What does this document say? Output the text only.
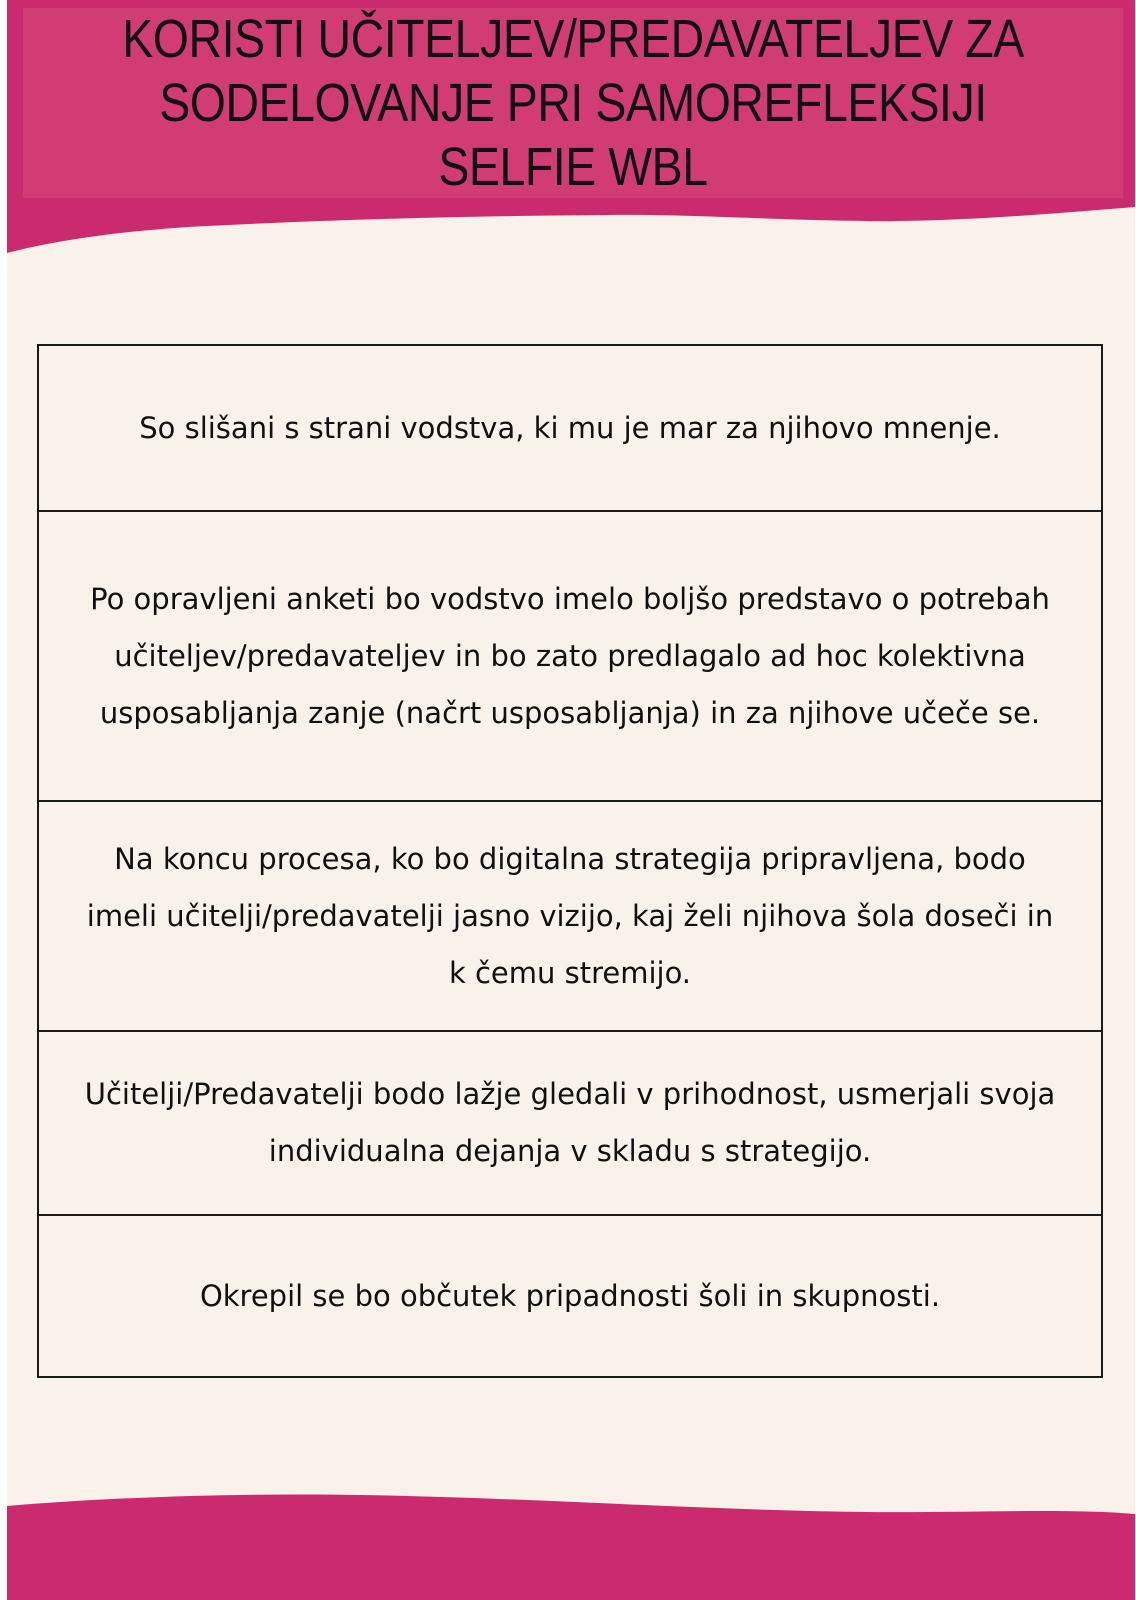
KORISTI UČITELJEV/PREDAVATELJEV ZA
SODELOVANJE PRI SAMOREFLEKSIJI SELFIE WBL
So slišani s strani vodstva, ki mu je mar za njihovo mnenje.
Po opravljeni anketi bo vodstvo imelo boljšo predstavo o potrebah učiteljev/predavateljev in bo zato predlagalo ad hoc kolektivna usposabljanja zanje (načrt usposabljanja) in za njihove učeče se.
Na koncu procesa, ko bo digitalna strategija pripravljena, bodo imeli učitelji/predavatelji jasno vizijo, kaj želi njihova šola doseči in k čemu stremijo.
Učitelji/Predavatelji bodo lažje gledali v prihodnost, usmerjali svoja individualna dejanja v skladu s strategijo.
Okrepil se bo občutek pripadnosti šoli in skupnosti.
